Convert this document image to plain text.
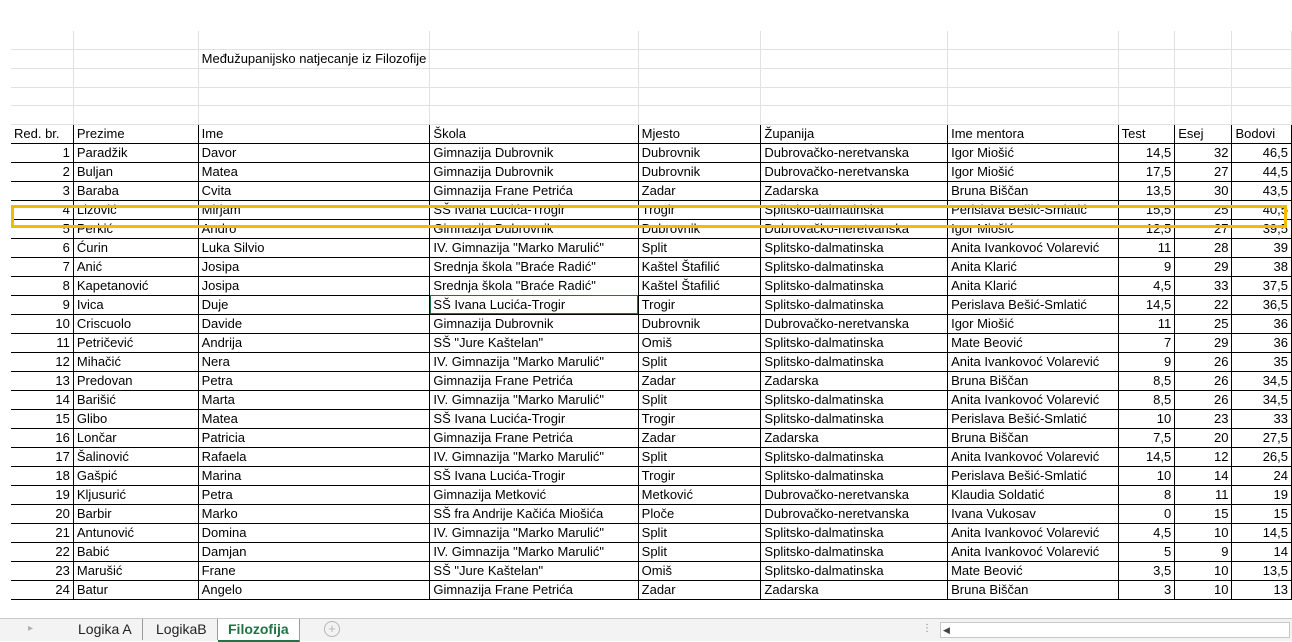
		Međužupanijsko natjecanje iz Filozofije							

Red. br.	Prezime	Ime	Škola	Mjesto	Županija	Ime mentora	Test	Esej	Bodovi
1	Paradžik	Davor	Gimnazija Dubrovnik	Dubrovnik	Dubrovačko-neretvanska	Igor Miošić	14,5	32	46,5
2	Buljan	Matea	Gimnazija Dubrovnik	Dubrovnik	Dubrovačko-neretvanska	Igor Miošić	17,5	27	44,5
3	Baraba	Cvita	Gimnazija Frane Petrića	Zadar	Zadarska	Bruna Biščan	13,5	30	43,5
4	Lizović	Mirjam	SŠ Ivana Lucića-Trogir	Trogir	Splitsko-dalmatinska	Perislava Bešić-Smlatić	15,5	25	40,5
5	Perkić	Andro	Gimnazija Dubrovnik	Dubrovnik	Dubrovačko-neretvanska	Igor Miošić	12,5	27	39,5
6	Ćurin	Luka Silvio	IV. Gimnazija "Marko Marulić"	Split	Splitsko-dalmatinska	Anita Ivankovoć Volarević	11	28	39
7	Anić	Josipa	Srednja škola "Braće Radić"	Kaštel Štafilić	Splitsko-dalmatinska	Anita Klarić	9	29	38
8	Kapetanović	Josipa	Srednja škola "Braće Radić"	Kaštel Štafilić	Splitsko-dalmatinska	Anita Klarić	4,5	33	37,5
9	Ivica	Duje	SŠ Ivana Lucića-Trogir	Trogir	Splitsko-dalmatinska	Perislava Bešić-Smlatić	14,5	22	36,5
10	Criscuolo	Davide	Gimnazija Dubrovnik	Dubrovnik	Dubrovačko-neretvanska	Igor Miošić	11	25	36
11	Petričević	Andrija	SŠ "Jure Kaštelan"	Omiš	Splitsko-dalmatinska	Mate Beović	7	29	36
12	Mihačić	Nera	IV. Gimnazija "Marko Marulić"	Split	Splitsko-dalmatinska	Anita Ivankovoć Volarević	9	26	35
13	Predovan	Petra	Gimnazija Frane Petrića	Zadar	Zadarska	Bruna Biščan	8,5	26	34,5
14	Barišić	Marta	IV. Gimnazija "Marko Marulić"	Split	Splitsko-dalmatinska	Anita Ivankovoć Volarević	8,5	26	34,5
15	Glibo	Matea	SŠ Ivana Lucića-Trogir	Trogir	Splitsko-dalmatinska	Perislava Bešić-Smlatić	10	23	33
16	Lončar	Patricia	Gimnazija Frane Petrića	Zadar	Zadarska	Bruna Biščan	7,5	20	27,5
17	Šalinović	Rafaela	IV. Gimnazija "Marko Marulić"	Split	Splitsko-dalmatinska	Anita Ivankovoć Volarević	14,5	12	26,5
18	Gašpić	Marina	SŠ Ivana Lucića-Trogir	Trogir	Splitsko-dalmatinska	Perislava Bešić-Smlatić	10	14	24
19	Kljusurić	Petra	Gimnazija Metković	Metković	Dubrovačko-neretvanska	Klaudia Soldatić	8	11	19
20	Barbir	Marko	SŠ fra Andrije Kačića Miošića	Ploče	Dubrovačko-neretvanska	Ivana Vukosav	0	15	15
21	Antunović	Domina	IV. Gimnazija "Marko Marulić"	Split	Splitsko-dalmatinska	Anita Ivankovoć Volarević	4,5	10	14,5
22	Babić	Damjan	IV. Gimnazija "Marko Marulić"	Split	Splitsko-dalmatinska	Anita Ivankovoć Volarević	5	9	14
23	Marušić	Frane	SŠ "Jure Kaštelan"	Omiš	Splitsko-dalmatinska	Mate Beović	3,5	10	13,5
24	Batur	Angelo	Gimnazija Frane Petrića	Zadar	Zadarska	Bruna Biščan	3	10	13
▸	Logika A	LogikaB	Filozofija	+	⋮ ◀
